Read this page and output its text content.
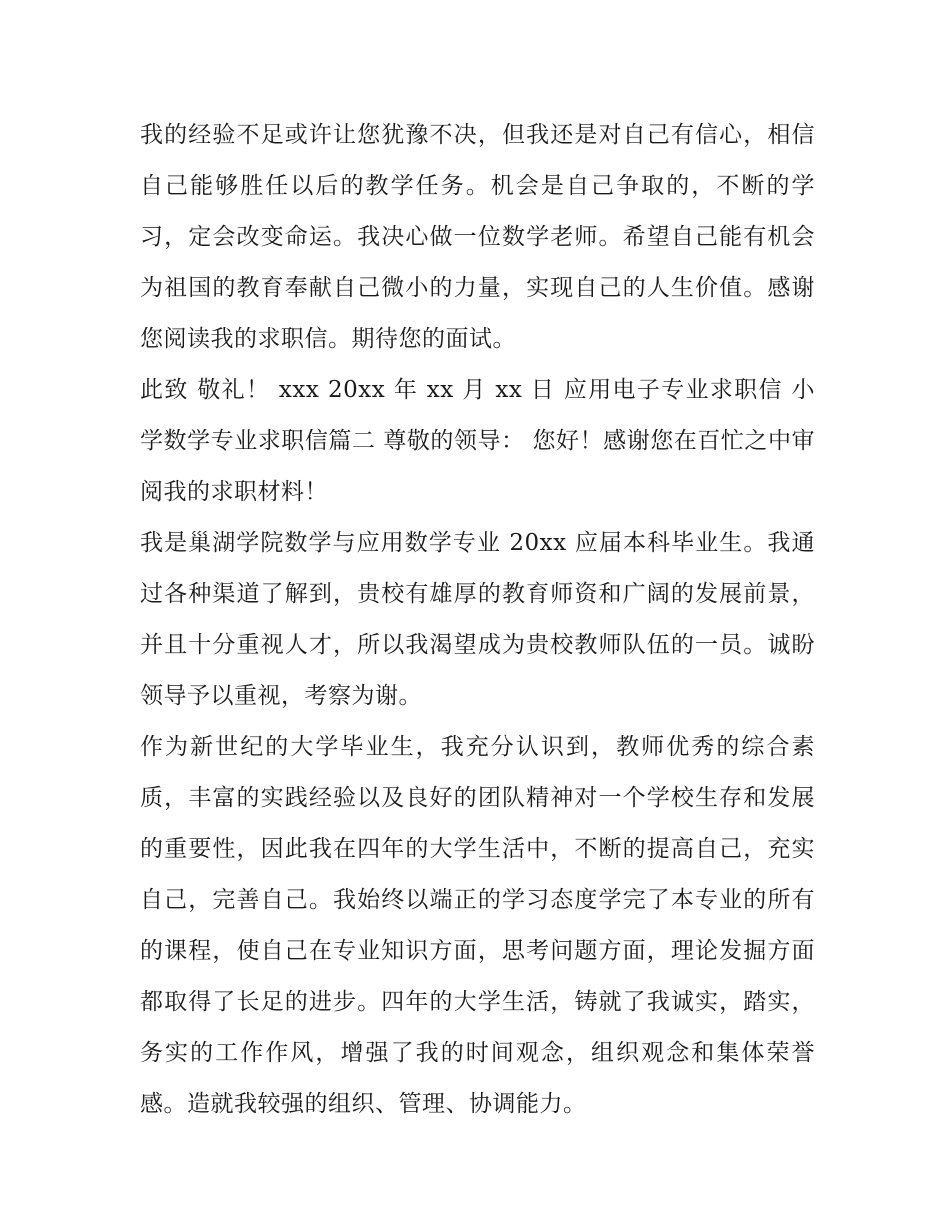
我的经验不足或许让您犹豫不决，但我还是对自己有信心，相信自己能够胜任以后的教学任务。机会是自己争取的，不断的学习，定会改变命运。我决心做一位数学老师。希望自己能有机会为祖国的教育奉献自己微小的力量，实现自己的人生价值。感谢您阅读我的求职信。期待您的面试。

此致 敬礼！ xxx 20xx 年 xx 月 xx 日 应用电子专业求职信 小学数学专业求职信篇二 尊敬的领导： 您好！感谢您在百忙之中审阅我的求职材料！

我是巢湖学院数学与应用数学专业 20xx 应届本科毕业生。我通过各种渠道了解到，贵校有雄厚的教育师资和广阔的发展前景，并且十分重视人才，所以我渴望成为贵校教师队伍的一员。诚盼领导予以重视，考察为谢。

作为新世纪的大学毕业生，我充分认识到，教师优秀的综合素质，丰富的实践经验以及良好的团队精神对一个学校生存和发展的重要性，因此我在四年的大学生活中，不断的提高自己，充实自己，完善自己。我始终以端正的学习态度学完了本专业的所有的课程，使自己在专业知识方面，思考问题方面，理论发掘方面都取得了长足的进步。四年的大学生活，铸就了我诚实，踏实，务实的工作作风，增强了我的时间观念，组织观念和集体荣誉感。造就我较强的组织、管理、协调能力。
